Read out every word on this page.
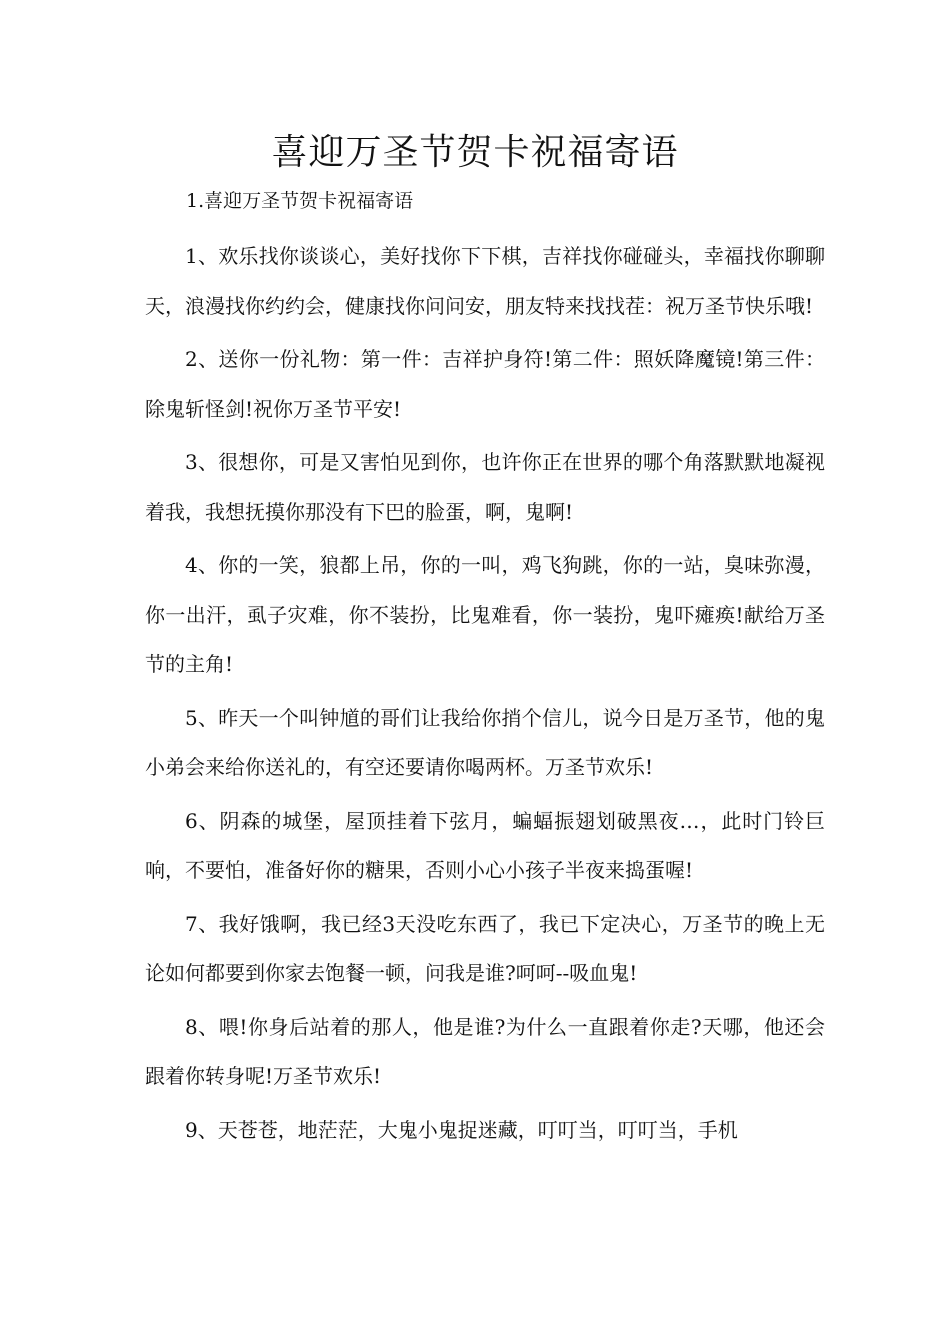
喜迎万圣节贺卡祝福寄语

1.喜迎万圣节贺卡祝福寄语

1、欢乐找你谈谈心，美好找你下下棋，吉祥找你碰碰头，幸福找你聊聊天，浪漫找你约约会，健康找你问问安，朋友特来找找茬：祝万圣节快乐哦!

2、送你一份礼物：第一件：吉祥护身符!第二件：照妖降魔镜!第三件：除鬼斩怪剑!祝你万圣节平安!

3、很想你，可是又害怕见到你，也许你正在世界的哪个角落默默地凝视着我，我想抚摸你那没有下巴的脸蛋，啊，鬼啊!

4、你的一笑，狼都上吊，你的一叫，鸡飞狗跳，你的一站，臭味弥漫，你一出汗，虱子灾难，你不装扮，比鬼难看，你一装扮，鬼吓瘫痪!献给万圣节的主角!

5、昨天一个叫钟馗的哥们让我给你捎个信儿，说今日是万圣节，他的鬼小弟会来给你送礼的，有空还要请你喝两杯。万圣节欢乐!

6、阴森的城堡，屋顶挂着下弦月，蝙蝠振翅划破黑夜…，此时门铃巨响，不要怕，准备好你的糖果，否则小心小孩子半夜来捣蛋喔!

7、我好饿啊，我已经3天没吃东西了，我已下定决心，万圣节的晚上无论如何都要到你家去饱餐一顿，问我是谁?呵呵--吸血鬼!

8、喂!你身后站着的那人，他是谁?为什么一直跟着你走?天哪，他还会跟着你转身呢!万圣节欢乐!

9、天苍苍，地茫茫，大鬼小鬼捉迷藏，叮叮当，叮叮当，手机
